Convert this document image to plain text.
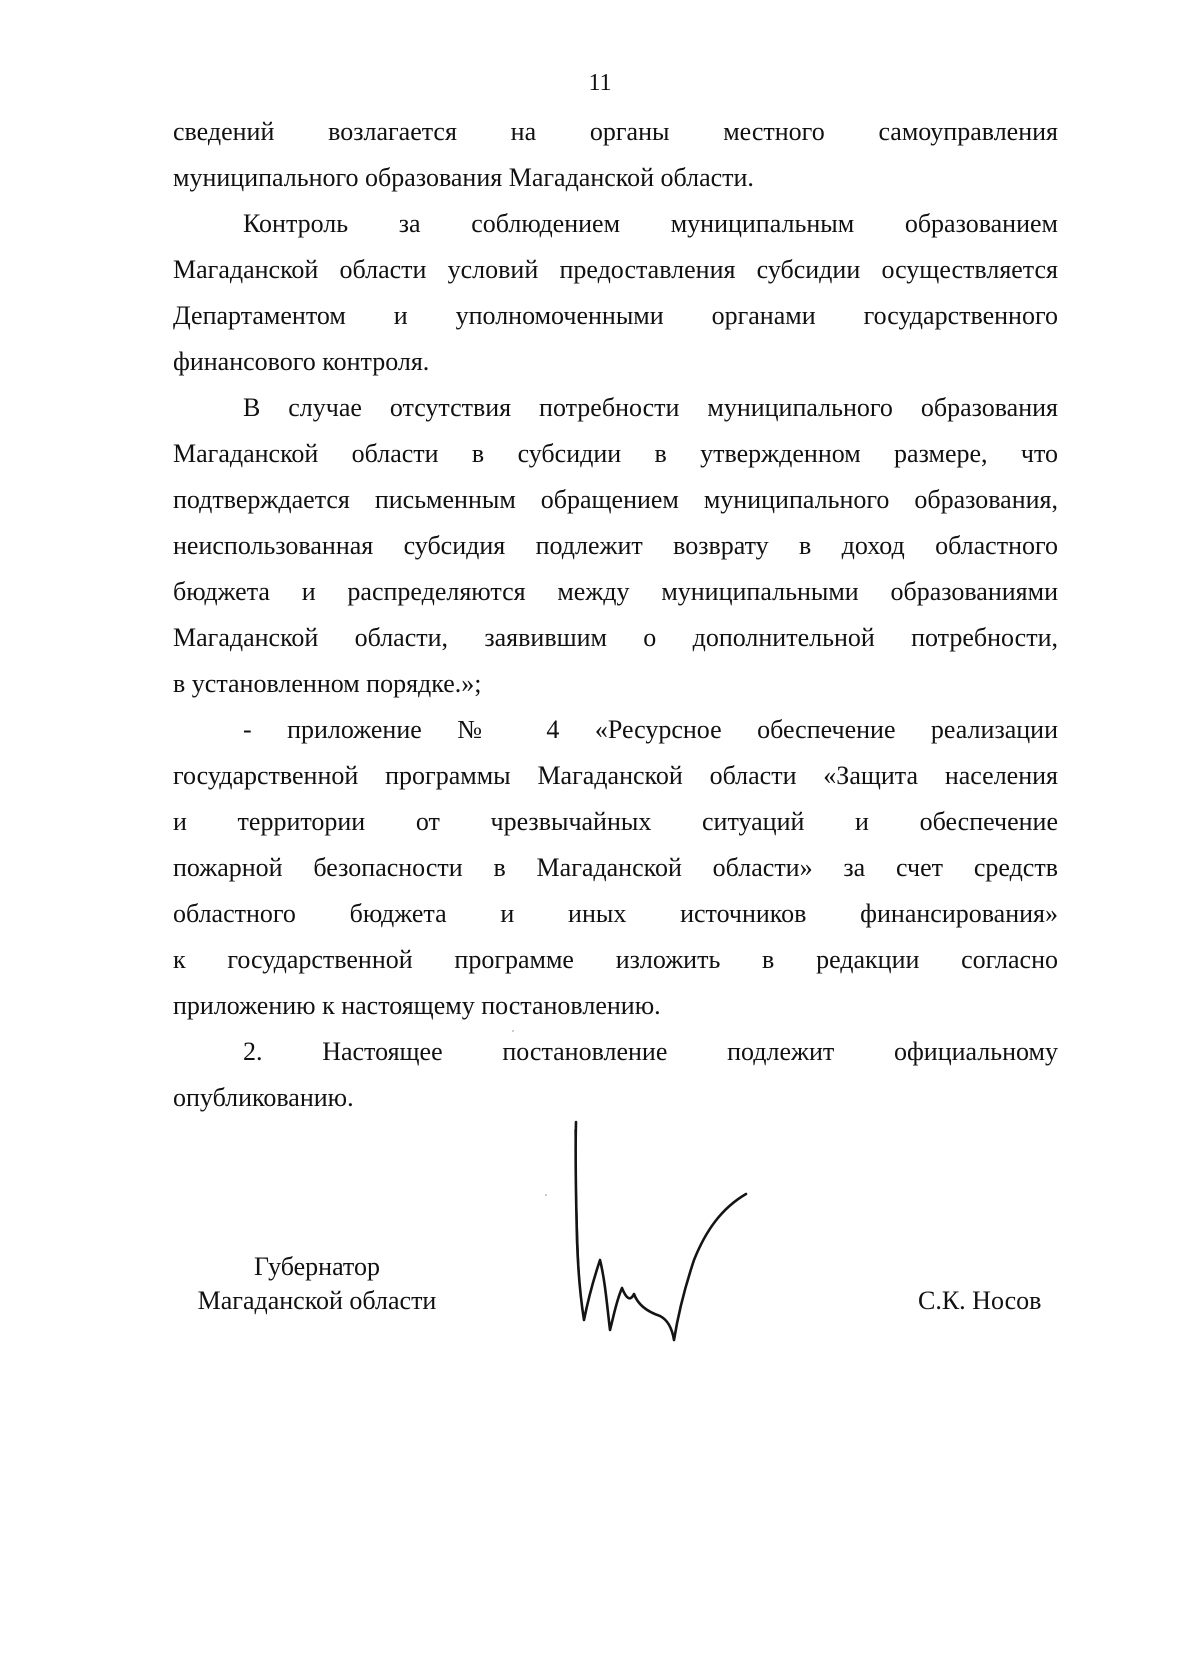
11
сведений возлагается на органы местного самоуправления
муниципального образования Магаданской области.
Контроль за соблюдением муниципальным образованием
Магаданской области условий предоставления субсидии осуществляется
Департаментом и уполномоченными органами государственного
финансового контроля.
В случае отсутствия потребности муниципального образования
Магаданской области в субсидии в утвержденном размере, что
подтверждается письменным обращением муниципального образования,
неиспользованная субсидия подлежит возврату в доход областного
бюджета и распределяются между муниципальными образованиями
Магаданской области, заявившим о дополнительной потребности,
в установленном порядке.»;
- приложение № 4 «Ресурсное обеспечение реализации
государственной программы Магаданской области «Защита населения
и территории от чрезвычайных ситуаций и обеспечение
пожарной безопасности в Магаданской области» за счет средств
областного бюджета и иных источников финансирования»
к государственной программе изложить в редакции согласно
приложению к настоящему постановлению.
2. Настоящее постановление подлежит официальному
опубликованию.
Губернатор
Магаданской области	С.К. Носов
